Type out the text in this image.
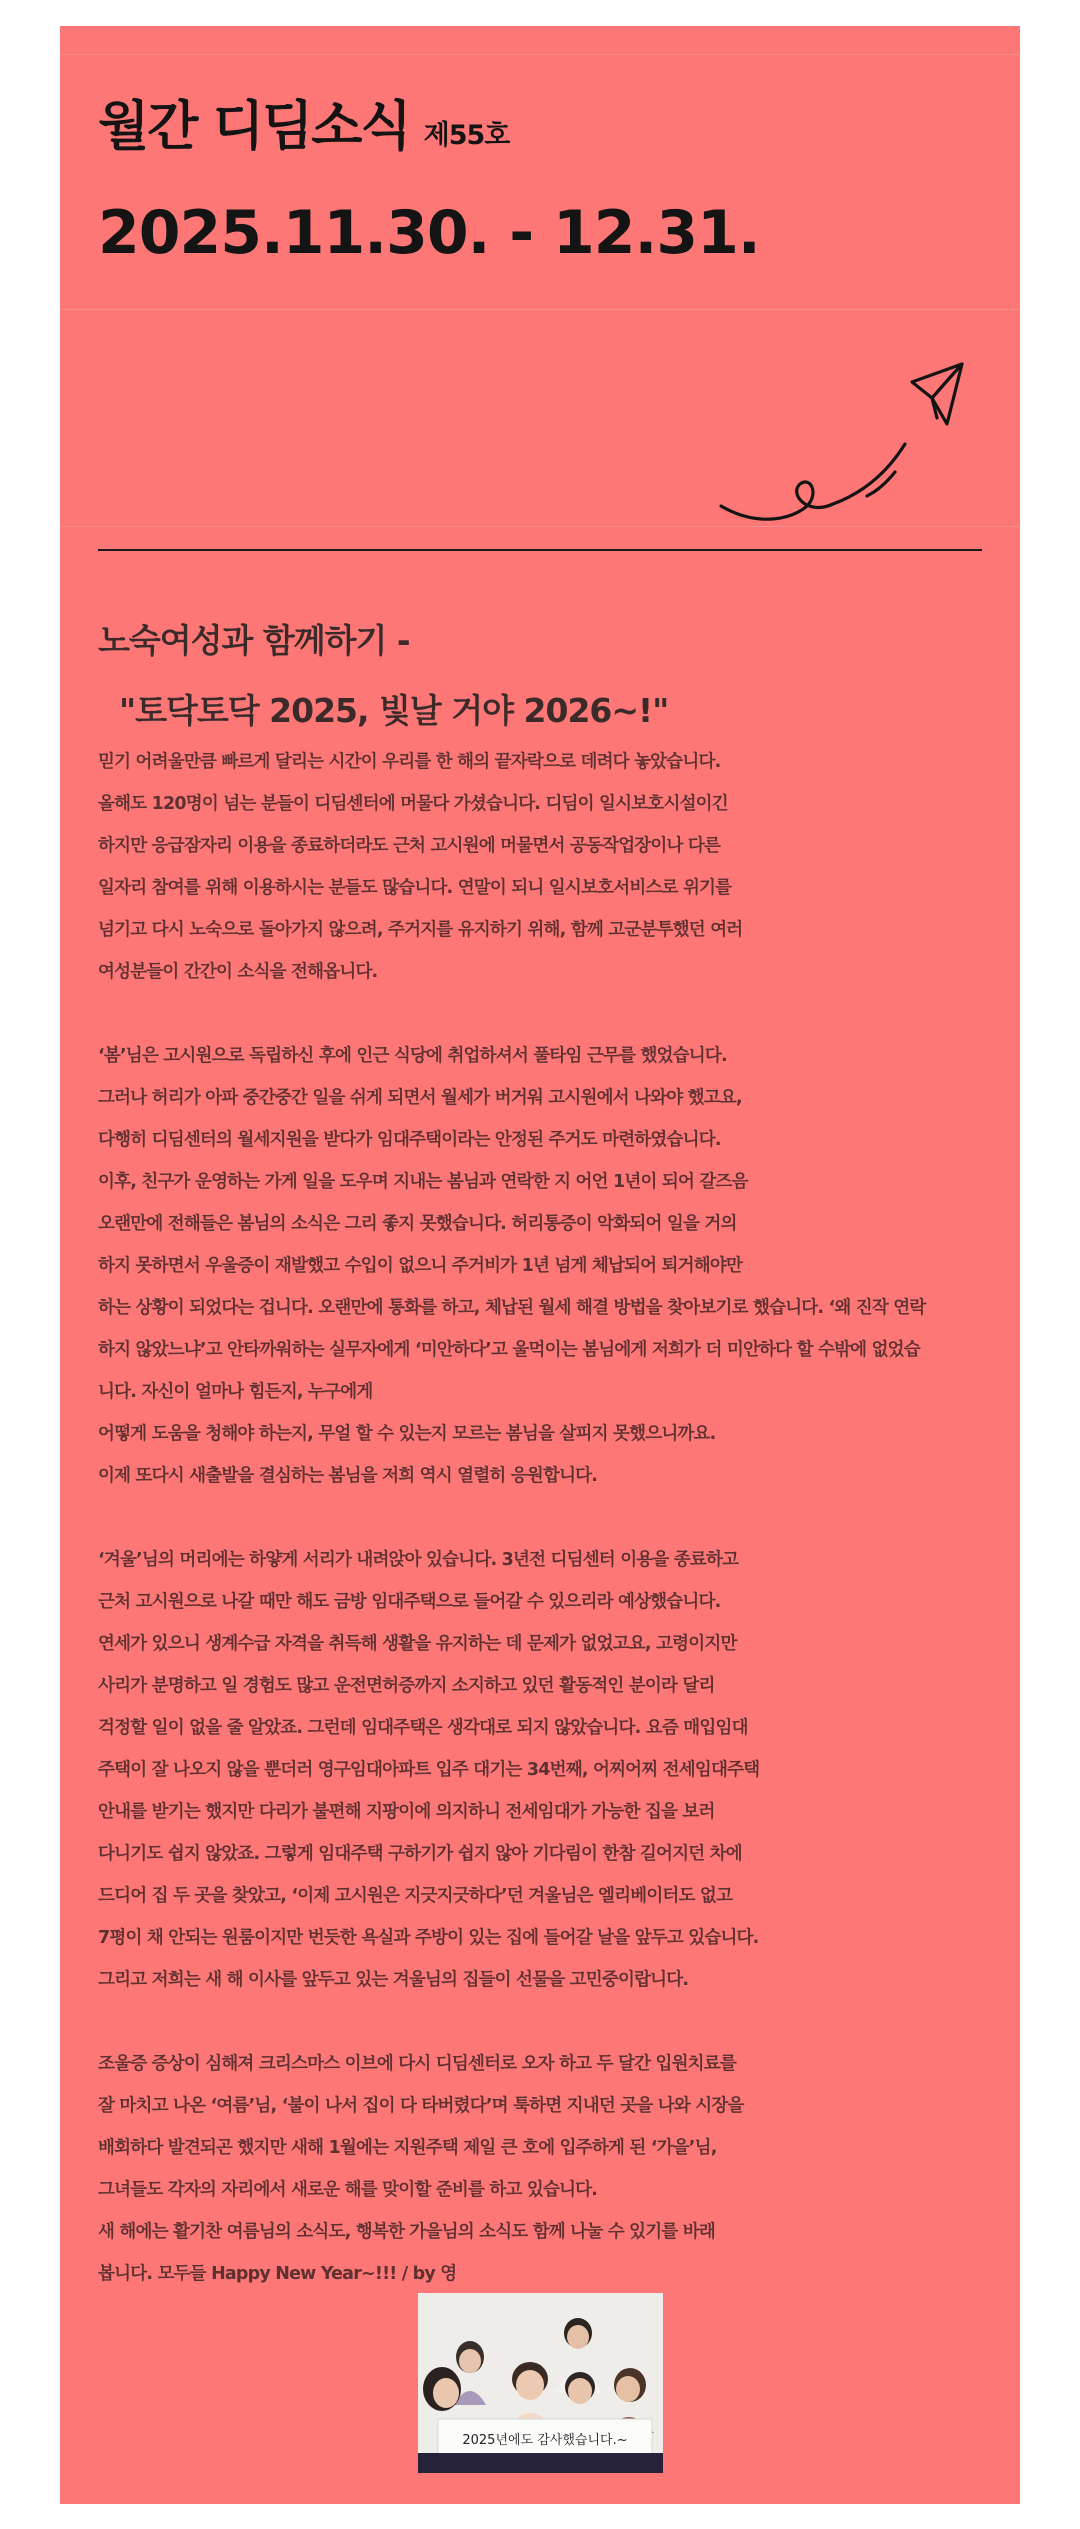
월간 디딤소식 제55호
2025.11.30. - 12.31.
노숙여성과 함께하기 -
"토닥토닥 2025, 빛날 거야 2026~!"
믿기 어려울만큼 빠르게 달리는 시간이 우리를 한 해의 끝자락으로 데려다 놓았습니다.
올해도 120명이 넘는 분들이 디딤센터에 머물다 가셨습니다. 디딤이 일시보호시설이긴
하지만 응급잠자리 이용을 종료하더라도 근처 고시원에 머물면서 공동작업장이나 다른
일자리 참여를 위해 이용하시는 분들도 많습니다. 연말이 되니 일시보호서비스로 위기를
넘기고 다시 노숙으로 돌아가지 않으려, 주거지를 유지하기 위해, 함께 고군분투했던 여러
여성분들이 간간이 소식을 전해옵니다.
‘봄’님은 고시원으로 독립하신 후에 인근 식당에 취업하셔서 풀타임 근무를 했었습니다.
그러나 허리가 아파 중간중간 일을 쉬게 되면서 월세가 버거워 고시원에서 나와야 했고요,
다행히 디딤센터의 월세지원을 받다가 임대주택이라는 안정된 주거도 마련하였습니다.
이후, 친구가 운영하는 가게 일을 도우며 지내는 봄님과 연락한 지 어언 1년이 되어 갈즈음
오랜만에 전해들은 봄님의 소식은 그리 좋지 못했습니다. 허리통증이 악화되어 일을 거의
하지 못하면서 우울증이 재발했고 수입이 없으니 주거비가 1년 넘게 체납되어 퇴거해야만
하는 상황이 되었다는 겁니다. 오랜만에 통화를 하고, 체납된 월세 해결 방법을 찾아보기로 했습니다. ‘왜 진작 연락
하지 않았느냐’고 안타까워하는 실무자에게 ‘미안하다’고 울먹이는 봄님에게 저희가 더 미안하다 할 수밖에 없었습
니다. 자신이 얼마나 힘든지, 누구에게
어떻게 도움을 청해야 하는지, 무얼 할 수 있는지 모르는 봄님을 살피지 못했으니까요.
이제 또다시 새출발을 결심하는 봄님을 저희 역시 열렬히 응원합니다.
‘겨울’님의 머리에는 하얗게 서리가 내려앉아 있습니다. 3년전 디딤센터 이용을 종료하고
근처 고시원으로 나갈 때만 해도 금방 임대주택으로 들어갈 수 있으리라 예상했습니다.
연세가 있으니 생계수급 자격을 취득해 생활을 유지하는 데 문제가 없었고요, 고령이지만
사리가 분명하고 일 경험도 많고 운전면허증까지 소지하고 있던 활동적인 분이라 달리
걱정할 일이 없을 줄 알았죠. 그런데 임대주택은 생각대로 되지 않았습니다. 요즘 매입임대
주택이 잘 나오지 않을 뿐더러 영구임대아파트 입주 대기는 34번째, 어찌어찌 전세임대주택
안내를 받기는 했지만 다리가 불편해 지팡이에 의지하니 전세임대가 가능한 집을 보러
다니기도 쉽지 않았죠. 그렇게 임대주택 구하기가 쉽지 않아 기다림이 한참 길어지던 차에
드디어 집 두 곳을 찾았고, ‘이제 고시원은 지긋지긋하다’던 겨울님은 엘리베이터도 없고
7평이 채 안되는 원룸이지만 번듯한 욕실과 주방이 있는 집에 들어갈 날을 앞두고 있습니다.
그리고 저희는 새 해 이사를 앞두고 있는 겨울님의 집들이 선물을 고민중이랍니다.
조울증 증상이 심해져 크리스마스 이브에 다시 디딤센터로 오자 하고 두 달간 입원치료를
잘 마치고 나온 ‘여름’님, ‘불이 나서 집이 다 타버렸다’며 툭하면 지내던 곳을 나와 시장을
배회하다 발견되곤 했지만 새해 1월에는 지원주택 제일 큰 호에 입주하게 된 ‘가을’님,
그녀들도 각자의 자리에서 새로운 해를 맞이할 준비를 하고 있습니다.
새 해에는 활기찬 여름님의 소식도, 행복한 가을님의 소식도 함께 나눌 수 있기를 바래
봅니다. 모두들 Happy New Year~!!! / by 영
2025년에도 감사했습니다.~
